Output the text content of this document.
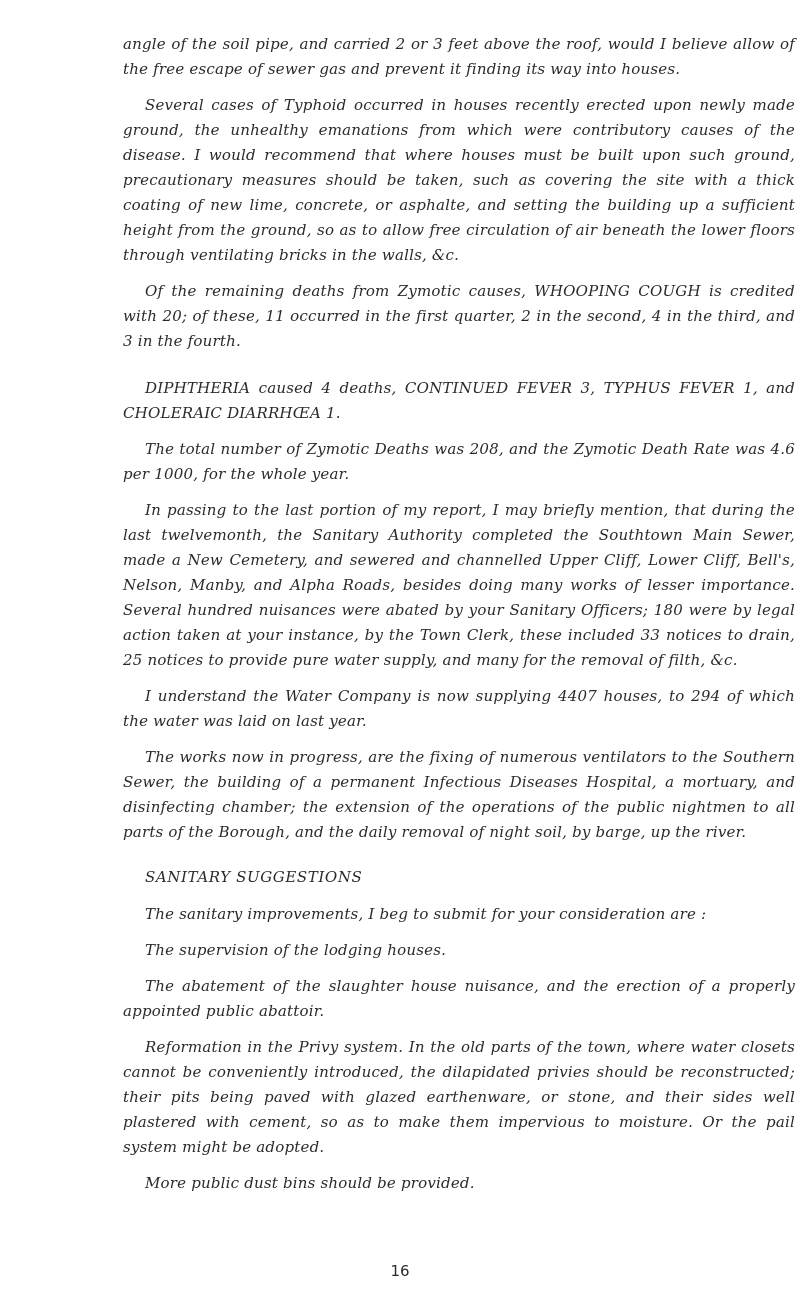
angle of the soil pipe, and carried 2 or 3 feet above the roof, would I believe allow of the free escape of sewer gas and prevent it finding its way into houses.

Several cases of Typhoid occurred in houses recently erected upon newly made ground, the unhealthy emanations from which were contributory causes of the disease. I would recommend that where houses must be built upon such ground, precautionary measures should be taken, such as covering the site with a thick coating of new lime, concrete, or asphalte, and setting the building up a sufficient height from the ground, so as to allow free circulation of air beneath the lower floors through ventilating bricks in the walls, &c.

Of the remaining deaths from Zymotic causes, WHOOPING COUGH is credited with 20; of these, 11 occurred in the first quarter, 2 in the second, 4 in the third, and 3 in the fourth.

DIPHTHERIA caused 4 deaths, CONTINUED FEVER 3, TYPHUS FEVER 1, and CHOLERAIC DIARRHŒA 1.

The total number of Zymotic Deaths was 208, and the Zymotic Death Rate was 4.6 per 1000, for the whole year.

In passing to the last portion of my report, I may briefly mention, that during the last twelvemonth, the Sanitary Authority completed the Southtown Main Sewer, made a New Cemetery, and sewered and channelled Upper Cliff, Lower Cliff, Bell's, Nelson, Manby, and Alpha Roads, besides doing many works of lesser importance. Several hundred nuisances were abated by your Sanitary Officers; 180 were by legal action taken at your instance, by the Town Clerk, these included 33 notices to drain, 25 notices to provide pure water supply, and many for the removal of filth, &c.

I understand the Water Company is now supplying 4407 houses, to 294 of which the water was laid on last year.

The works now in progress, are the fixing of numerous ventilators to the Southern Sewer, the building of a permanent Infectious Diseases Hospital, a mortuary, and disinfecting chamber; the extension of the operations of the public nightmen to all parts of the Borough, and the daily removal of night soil, by barge, up the river.

SANITARY SUGGESTIONS

The sanitary improvements, I beg to submit for your consideration are :

The supervision of the lodging houses.

The abatement of the slaughter house nuisance, and the erection of a properly appointed public abattoir.

Reformation in the Privy system. In the old parts of the town, where water closets cannot be conveniently introduced, the dilapidated privies should be reconstructed; their pits being paved with glazed earthenware, or stone, and their sides well plastered with cement, so as to make them impervious to moisture. Or the pail system might be adopted.

More public dust bins should be provided.

16
